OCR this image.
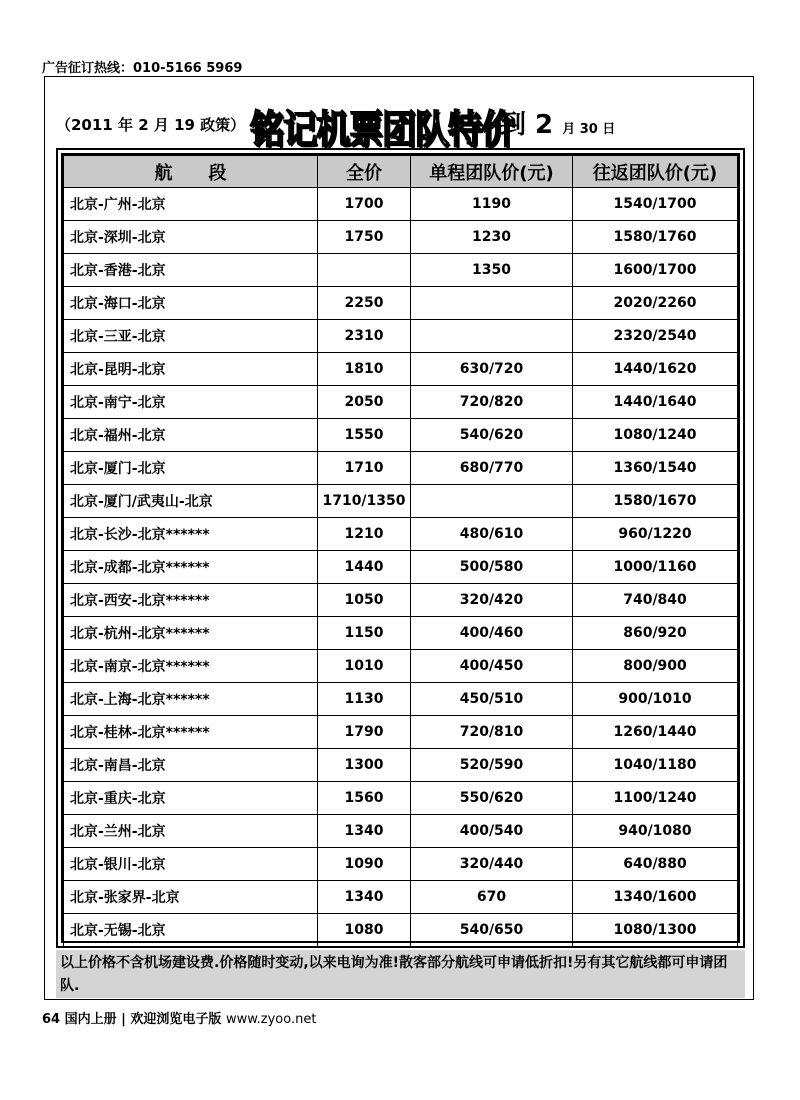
广告征订热线：010-5166 5969
（2011 年 2 月 19 政策） 铭记机票团队特价
到 2 月 30 日
航　　段	全价	单程团队价(元)	往返团队价(元)
北京-广州-北京	1700	1190	1540/1700
北京-深圳-北京	1750	1230	1580/1760
北京-香港-北京		1350	1600/1700
北京-海口-北京	2250		2020/2260
北京-三亚-北京	2310		2320/2540
北京-昆明-北京	1810	630/720	1440/1620
北京-南宁-北京	2050	720/820	1440/1640
北京-福州-北京	1550	540/620	1080/1240
北京-厦门-北京	1710	680/770	1360/1540
北京-厦门/武夷山-北京	1710/1350		1580/1670
北京-长沙-北京******	1210	480/610	960/1220
北京-成都-北京******	1440	500/580	1000/1160
北京-西安-北京******	1050	320/420	740/840
北京-杭州-北京******	1150	400/460	860/920
北京-南京-北京******	1010	400/450	800/900
北京-上海-北京******	1130	450/510	900/1010
北京-桂林-北京******	1790	720/810	1260/1440
北京-南昌-北京	1300	520/590	1040/1180
北京-重庆-北京	1560	550/620	1100/1240
北京-兰州-北京	1340	400/540	940/1080
北京-银川-北京	1090	320/440	640/880
北京-张家界-北京	1340	670	1340/1600
北京-无锡-北京	1080	540/650	1080/1300
以上价格不含机场建设费.价格随时变动,以来电询为准!散客部分航线可申请低折扣!另有其它航线都可申请团队.
64 国内上册 | 欢迎浏览电子版 www.zyoo.net
